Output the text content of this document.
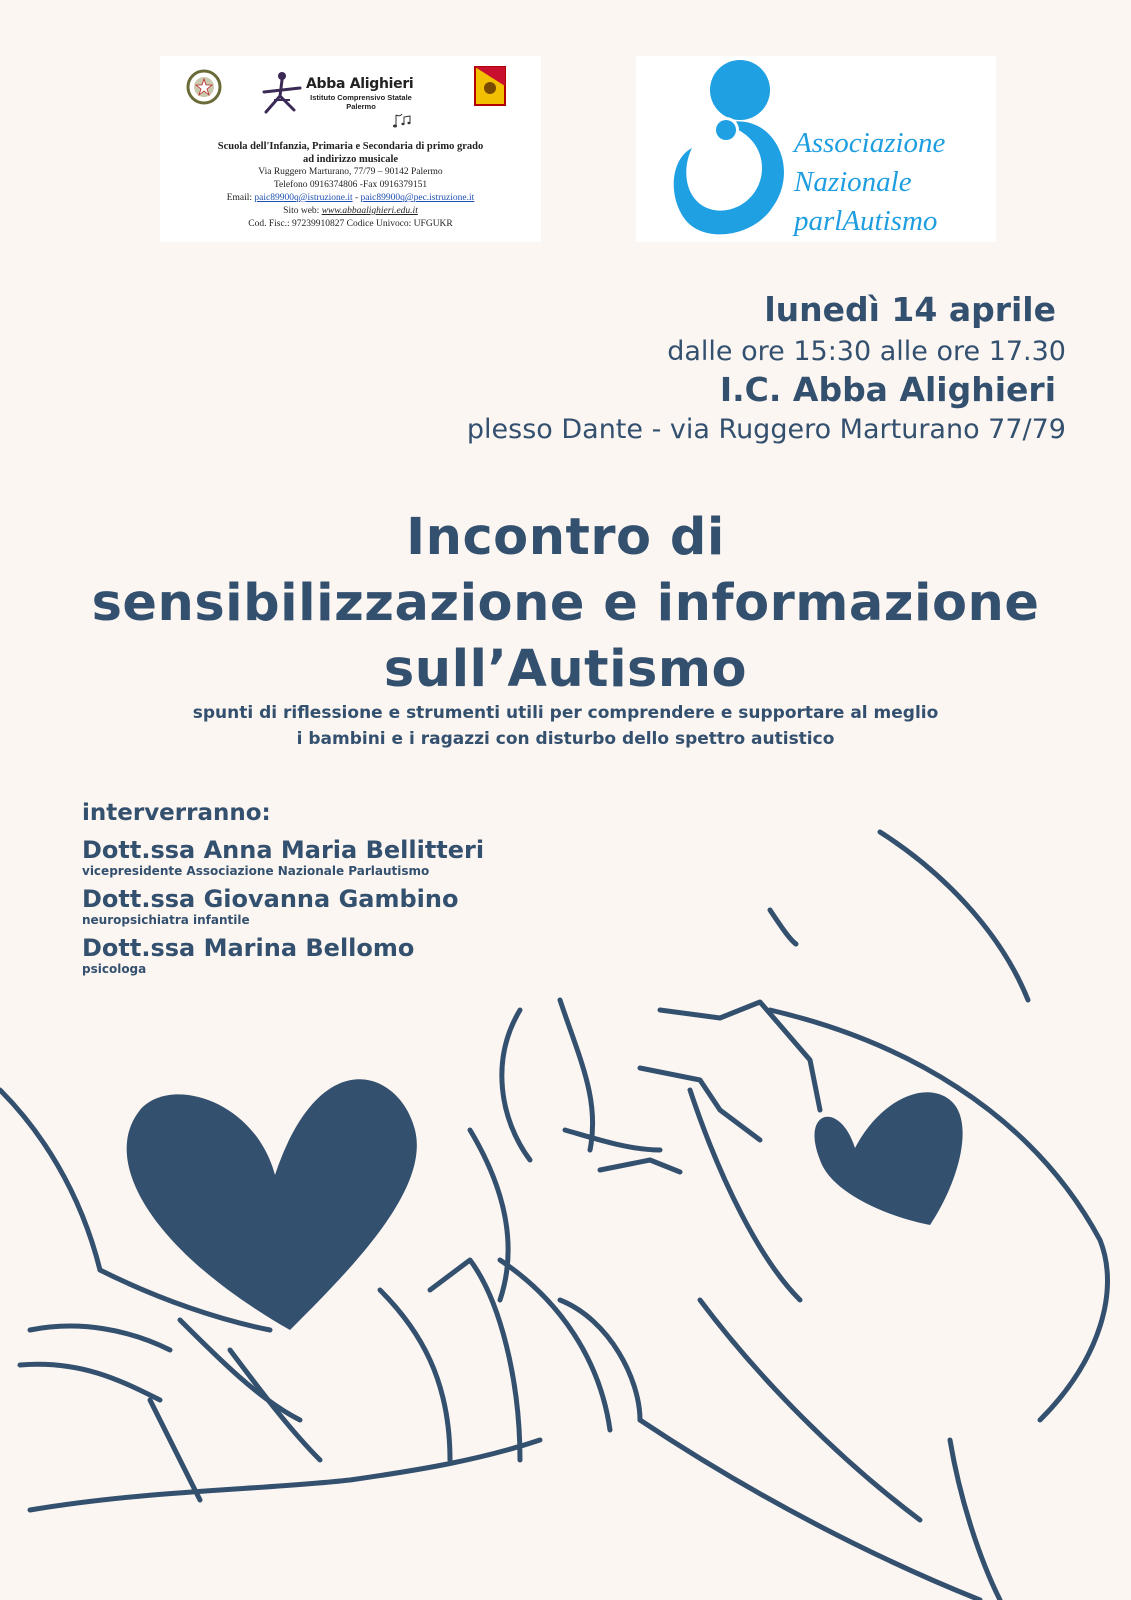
Abba Alighieri
Istituto Comprensivo Statale Palermo
Scuola dell'Infanzia, Primaria e Secondaria di primo grado
ad indirizzo musicale
Via Ruggero Marturano, 77/79 – 90142 Palermo
Telefono 0916374806 -Fax 0916379151
Email: paic89900q@istruzione.it - paic89900q@pec.istruzione.it
Sito web: www.abbaalighieri.edu.it
Cod. Fisc.: 97239910827 Codice Univoco: UFGUKR
Associazione
Nazionale
parlAutismo
lunedì 14 aprile
dalle ore 15:30 alle ore 17.30
I.C. Abba Alighieri
plesso Dante - via Ruggero Marturano 77/79
Incontro di
sensibilizzazione e informazione
sull’Autismo
spunti di riflessione e strumenti utili per comprendere e supportare al meglio
i bambini e i ragazzi con disturbo dello spettro autistico
interverranno:
Dott.ssa Anna Maria Bellitteri
vicepresidente Associazione Nazionale Parlautismo
Dott.ssa Giovanna Gambino
neuropsichiatra infantile
Dott.ssa Marina Bellomo
psicologa
